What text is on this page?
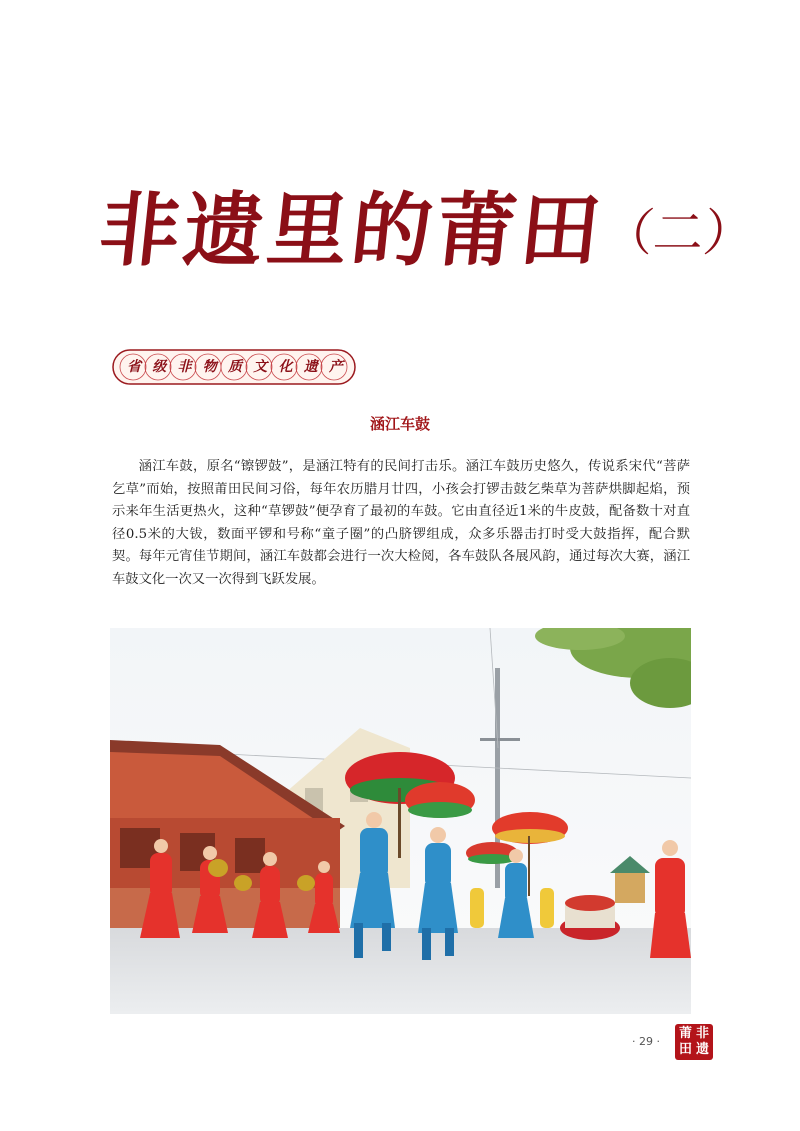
非遗里的莆田（二）
省 级 非 物 质 文 化 遗 产
涵江车鼓
涵江车鼓，原名“镲锣鼓”，是涵江特有的民间打击乐。涵江车鼓历史悠久，传说系宋代“菩萨乞草”而始，按照莆田民间习俗，每年农历腊月廿四，小孩会打锣击鼓乞柴草为菩萨烘脚起焰，预示来年生活更热火，这种“草锣鼓”便孕育了最初的车鼓。它由直径近1米的牛皮鼓，配备数十对直径0.5米的大钹，数面平锣和号称“童子圈”的凸脐锣组成，众多乐器击打时受大鼓指挥，配合默契。每年元宵佳节期间，涵江车鼓都会进行一次大检阅，各车鼓队各展风韵，通过每次大赛，涵江车鼓文化一次又一次得到飞跃发展。
· 29 ·
莆 非
田 遗
